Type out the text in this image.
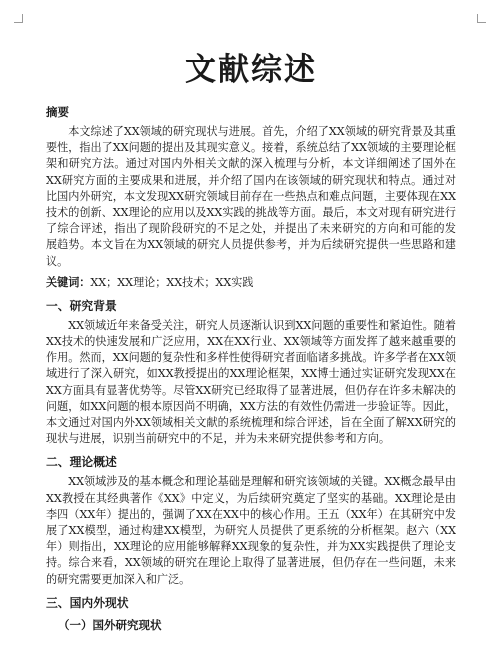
文献综述
摘要

本文综述了XX领域的研究现状与进展。首先，介绍了XX领域的研究背景及其重要性，指出了XX问题的提出及其现实意义。接着，系统总结了XX领域的主要理论框架和研究方法。通过对国内外相关文献的深入梳理与分析，本文详细阐述了国外在XX研究方面的主要成果和进展，并介绍了国内在该领域的研究现状和特点。通过对比国内外研究，本文发现XX研究领域目前存在一些热点和难点问题，主要体现在XX技术的创新、XX理论的应用以及XX实践的挑战等方面。最后，本文对现有研究进行了综合评述，指出了现阶段研究的不足之处，并提出了未来研究的方向和可能的发展趋势。本文旨在为XX领域的研究人员提供参考，并为后续研究提供一些思路和建议。

关键词：XX；XX理论；XX技术；XX实践
一、研究背景

XX领域近年来备受关注，研究人员逐渐认识到XX问题的重要性和紧迫性。随着XX技术的快速发展和广泛应用，XX在XX行业、XX领域等方面发挥了越来越重要的作用。然而，XX问题的复杂性和多样性使得研究者面临诸多挑战。许多学者在XX领域进行了深入研究，如XX教授提出的XX理论框架，XX博士通过实证研究发现XX在XX方面具有显著优势等。尽管XX研究已经取得了显著进展，但仍存在许多未解决的问题，如XX问题的根本原因尚不明确，XX方法的有效性仍需进一步验证等。因此，本文通过对国内外XX领域相关文献的系统梳理和综合评述，旨在全面了解XX研究的现状与进展，识别当前研究中的不足，并为未来研究提供参考和方向。

二、理论概述

XX领域涉及的基本概念和理论基础是理解和研究该领域的关键。XX概念最早由XX教授在其经典著作《XX》中定义，为后续研究奠定了坚实的基础。XX理论是由李四（XX年）提出的，强调了XX在XX中的核心作用。王五（XX年）在其研究中发展了XX模型，通过构建XX模型，为研究人员提供了更系统的分析框架。赵六（XX年）则指出，XX理论的应用能够解释XX现象的复杂性，并为XX实践提供了理论支持。综合来看，XX领域的研究在理论上取得了显著进展，但仍存在一些问题，未来的研究需要更加深入和广泛。

三、国内外现状
（一）国外研究现状
